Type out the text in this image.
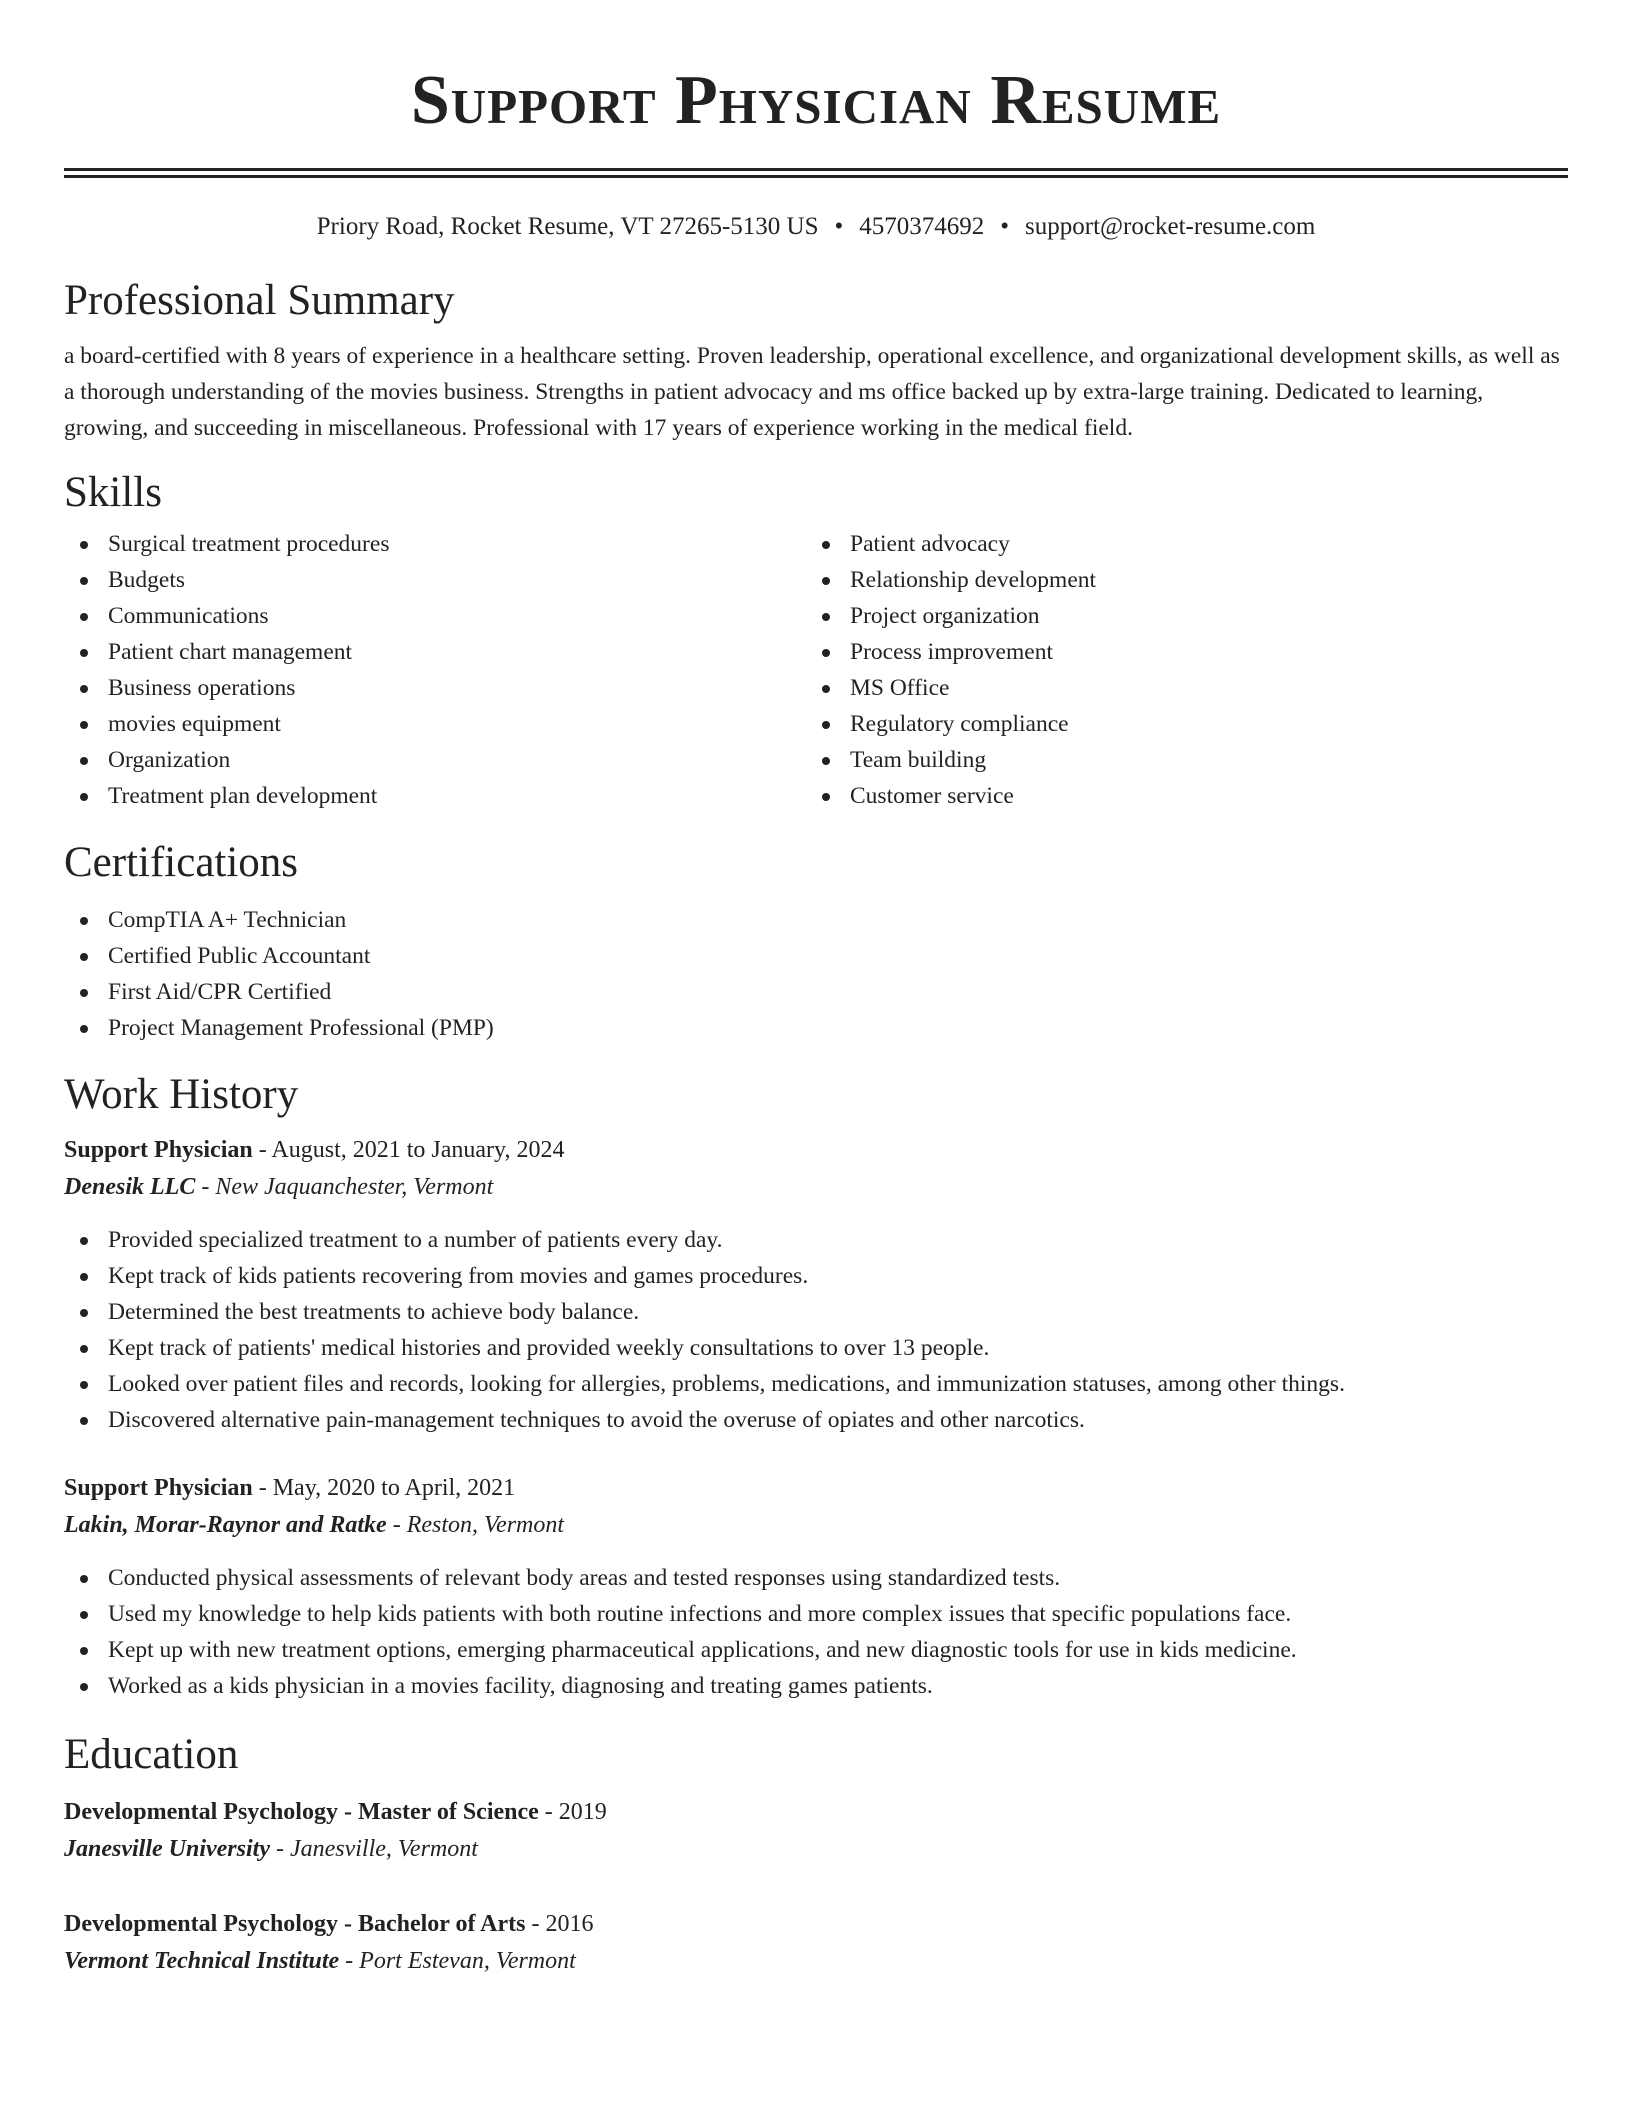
Support Physician Resume
Priory Road, Rocket Resume, VT 27265-5130 US • 4570374692 • support@rocket-resume.com
Professional Summary

a board-certified with 8 years of experience in a healthcare setting. Proven leadership, operational excellence, and organizational development skills, as well as a thorough understanding of the movies business. Strengths in patient advocacy and ms office backed up by extra-large training. Dedicated to learning, growing, and succeeding in miscellaneous. Professional with 17 years of experience working in the medical field.

Skills
Surgical treatment procedures
Budgets
Communications
Patient chart management
Business operations
movies equipment
Organization
Treatment plan development
Patient advocacy
Relationship development
Project organization
Process improvement
MS Office
Regulatory compliance
Team building
Customer service
Certifications
CompTIA A+ Technician
Certified Public Accountant
First Aid/CPR Certified
Project Management Professional (PMP)
Work History
Support Physician - August, 2021 to January, 2024
Denesik LLC - New Jaquanchester, Vermont
Provided specialized treatment to a number of patients every day.
Kept track of kids patients recovering from movies and games procedures.
Determined the best treatments to achieve body balance.
Kept track of patients' medical histories and provided weekly consultations to over 13 people.
Looked over patient files and records, looking for allergies, problems, medications, and immunization statuses, among other things.
Discovered alternative pain-management techniques to avoid the overuse of opiates and other narcotics.
Support Physician - May, 2020 to April, 2021
Lakin, Morar-Raynor and Ratke - Reston, Vermont
Conducted physical assessments of relevant body areas and tested responses using standardized tests.
Used my knowledge to help kids patients with both routine infections and more complex issues that specific populations face.
Kept up with new treatment options, emerging pharmaceutical applications, and new diagnostic tools for use in kids medicine.
Worked as a kids physician in a movies facility, diagnosing and treating games patients.
Education
Developmental Psychology - Master of Science - 2019
Janesville University - Janesville, Vermont
Developmental Psychology - Bachelor of Arts - 2016
Vermont Technical Institute - Port Estevan, Vermont
